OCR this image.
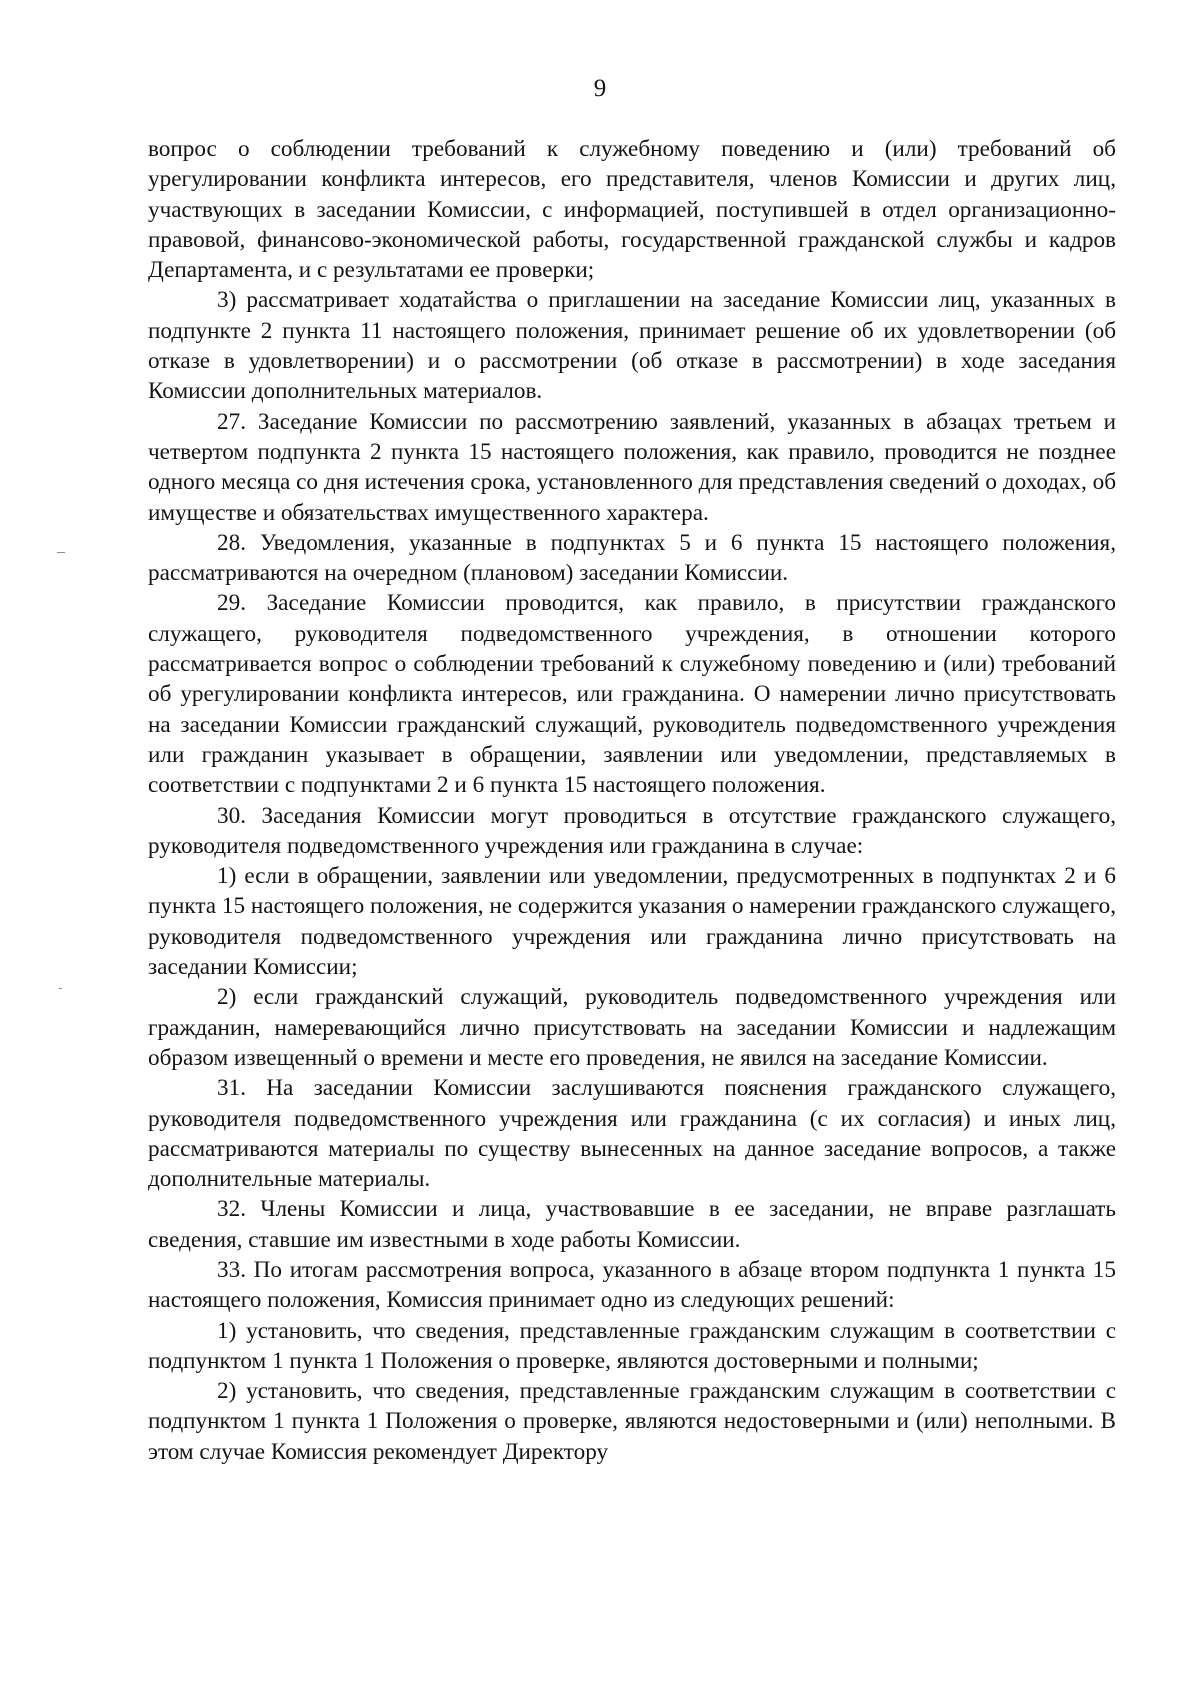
9

вопрос о соблюдении требований к служебному поведению и (или) требований об урегулировании конфликта интересов, его представителя, членов Комиссии и других лиц, участвующих в заседании Комиссии, с информацией, поступившей в отдел организационно-правовой, финансово-экономической работы, государственной гражданской службы и кадров Департамента, и с результатами ее проверки;

3) рассматривает ходатайства о приглашении на заседание Комиссии лиц, указанных в подпункте 2 пункта 11 настоящего положения, принимает решение об их удовлетворении (об отказе в удовлетворении) и о рассмотрении (об отказе в рассмотрении) в ходе заседания Комиссии дополнительных материалов.

27. Заседание Комиссии по рассмотрению заявлений, указанных в абзацах третьем и четвертом подпункта 2 пункта 15 настоящего положения, как правило, проводится не позднее одного месяца со дня истечения срока, установленного для представления сведений о доходах, об имуществе и обязательствах имущественного характера.

28. Уведомления, указанные в подпунктах 5 и 6 пункта 15 настоящего положения, рассматриваются на очередном (плановом) заседании Комиссии.

29. Заседание Комиссии проводится, как правило, в присутствии гражданского служащего, руководителя подведомственного учреждения, в отношении которого рассматривается вопрос о соблюдении требований к служебному поведению и (или) требований об урегулировании конфликта интересов, или гражданина. О намерении лично присутствовать на заседании Комиссии гражданский служащий, руководитель подведомственного учреждения или гражданин указывает в обращении, заявлении или уведомлении, представляемых в соответствии с подпунктами 2 и 6 пункта 15 настоящего положения.

30. Заседания Комиссии могут проводиться в отсутствие гражданского служащего, руководителя подведомственного учреждения или гражданина в случае:

1) если в обращении, заявлении или уведомлении, предусмотренных в подпунктах 2 и 6 пункта 15 настоящего положения, не содержится указания о намерении гражданского служащего, руководителя подведомственного учреждения или гражданина лично присутствовать на заседании Комиссии;

2) если гражданский служащий, руководитель подведомственного учреждения или гражданин, намеревающийся лично присутствовать на заседании Комиссии и надлежащим образом извещенный о времени и месте его проведения, не явился на заседание Комиссии.

31. На заседании Комиссии заслушиваются пояснения гражданского служащего, руководителя подведомственного учреждения или гражданина (с их согласия) и иных лиц, рассматриваются материалы по существу вынесенных на данное заседание вопросов, а также дополнительные материалы.

32. Члены Комиссии и лица, участвовавшие в ее заседании, не вправе разглашать сведения, ставшие им известными в ходе работы Комиссии.

33. По итогам рассмотрения вопроса, указанного в абзаце втором подпункта 1 пункта 15 настоящего положения, Комиссия принимает одно из следующих решений:

1) установить, что сведения, представленные гражданским служащим в соответствии с подпунктом 1 пункта 1 Положения о проверке, являются достоверными и полными;

2) установить, что сведения, представленные гражданским служащим в соответствии с подпунктом 1 пункта 1 Положения о проверке, являются недостоверными и (или) неполными. В этом случае Комиссия рекомендует Директору
